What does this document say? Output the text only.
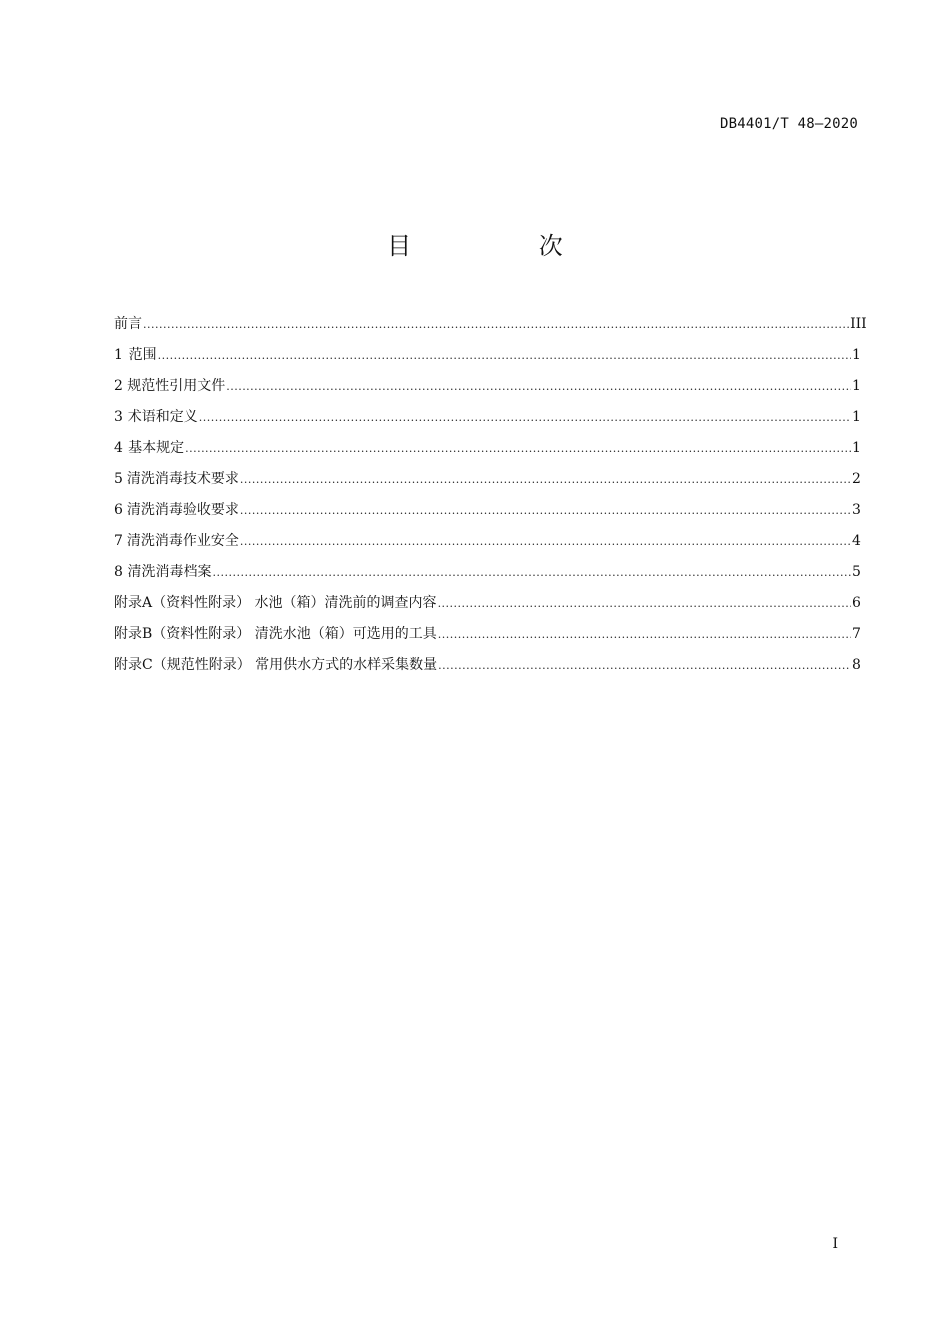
DB4401/T 48—2020
目 次
前言 .....	III
1 范围 .....	1
2 规范性引用文件 .....	1
3 术语和定义 .....	1
4 基本规定 .....	1
5 清洗消毒技术要求 .....	2
6 清洗消毒验收要求 .....	3
7 清洗消毒作业安全 .....	4
8 清洗消毒档案 .....	5
附录A（资料性附录） 水池（箱）清洗前的调查内容 .....	6
附录B（资料性附录） 清洗水池（箱）可选用的工具 .....	7
附录C（规范性附录） 常用供水方式的水样采集数量 .....	8
I
